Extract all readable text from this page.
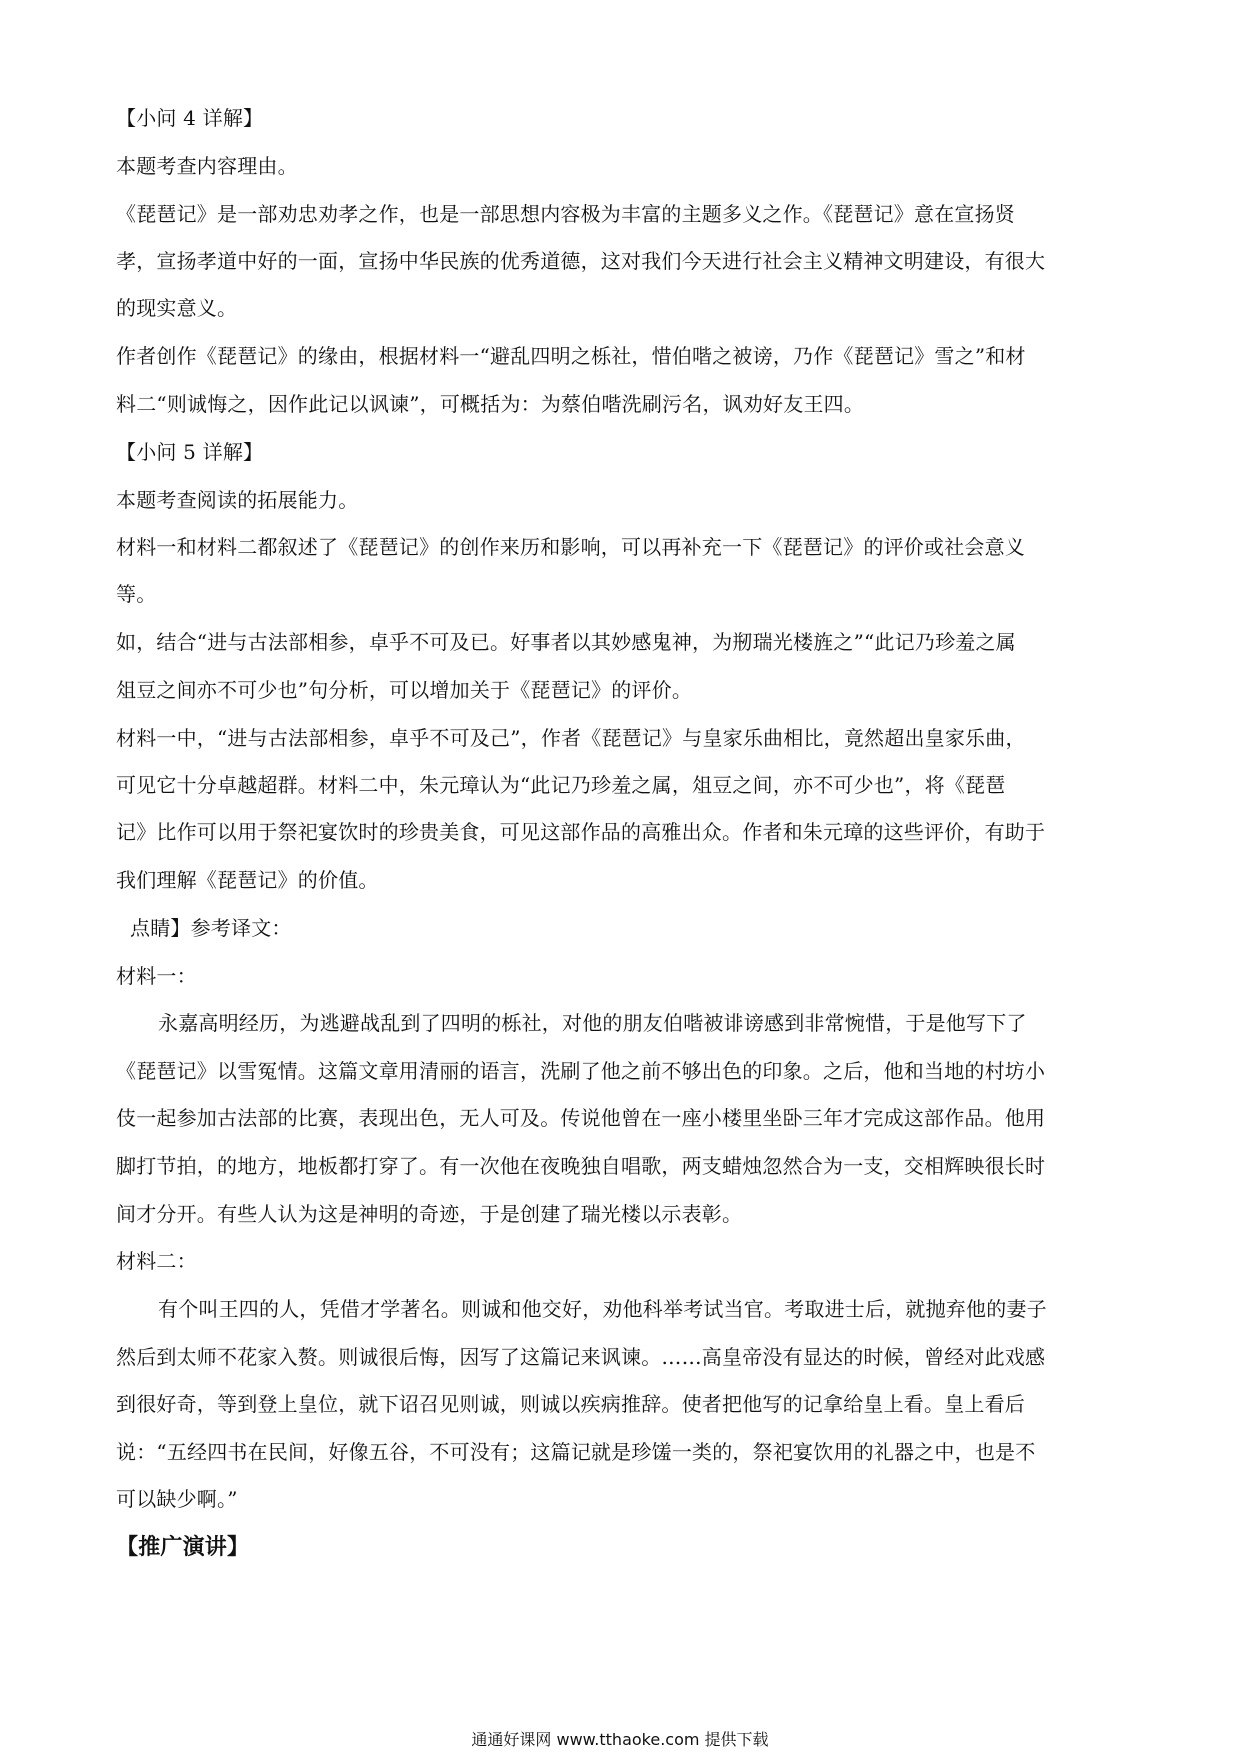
【小问 4 详解】
本题考查内容理由。
《琵琶记》是一部劝忠劝孝之作，也是一部思想内容极为丰富的主题多义之作。《琵琶记》意在宣扬贤
孝，宣扬孝道中好的一面，宣扬中华民族的优秀道德，这对我们今天进行社会主义精神文明建设，有很大
的现实意义。
作者创作《琵琶记》的缘由，根据材料一“避乱四明之栎社，惜伯喈之被谤，乃作《琵琶记》雪之”和材
料二“则诚悔之，因作此记以讽谏”，可概括为：为蔡伯喈洗刷污名，讽劝好友王四。
【小问 5 详解】
本题考查阅读的拓展能力。
材料一和材料二都叙述了《琵琶记》的创作来历和影响，可以再补充一下《琵琶记》的评价或社会意义
等。
如，结合“进与古法部相参，卓乎不可及已。好事者以其妙感鬼神，为剏瑞光楼旌之”“此记乃珍羞之属
俎豆之间亦不可少也”句分析，可以增加关于《琵琶记》的评价。
材料一中，“进与古法部相参，卓乎不可及己”，作者《琵琶记》与皇家乐曲相比，竟然超出皇家乐曲，
可见它十分卓越超群。材料二中，朱元璋认为“此记乃珍羞之属，俎豆之间，亦不可少也”，将《琵琶
记》比作可以用于祭祀宴饮时的珍贵美食，可见这部作品的高雅出众。作者和朱元璋的这些评价，有助于
我们理解《琵琶记》的价值。
点睛】参考译文：
材料一：
永嘉高明经历，为逃避战乱到了四明的栎社，对他的朋友伯喈被诽谤感到非常惋惜，于是他写下了
《琵琶记》以雪冤情。这篇文章用清丽的语言，洗刷了他之前不够出色的印象。之后，他和当地的村坊小
伎一起参加古法部的比赛，表现出色，无人可及。传说他曾在一座小楼里坐卧三年才完成这部作品。他用
脚打节拍，的地方，地板都打穿了。有一次他在夜晚独自唱歌，两支蜡烛忽然合为一支，交相辉映很长时
间才分开。有些人认为这是神明的奇迹，于是创建了瑞光楼以示表彰。
材料二：
有个叫王四的人，凭借才学著名。则诚和他交好，劝他科举考试当官。考取进士后，就抛弃他的妻子
然后到太师不花家入赘。则诚很后悔，因写了这篇记来讽谏。……高皇帝没有显达的时候，曾经对此戏感
到很好奇，等到登上皇位，就下诏召见则诚，则诚以疾病推辞。使者把他写的记拿给皇上看。皇上看后
说：“五经四书在民间，好像五谷，不可没有；这篇记就是珍馐一类的，祭祀宴饮用的礼器之中，也是不
可以缺少啊。”
【推广演讲】
通通好课网 www.tthaoke.com 提供下载
